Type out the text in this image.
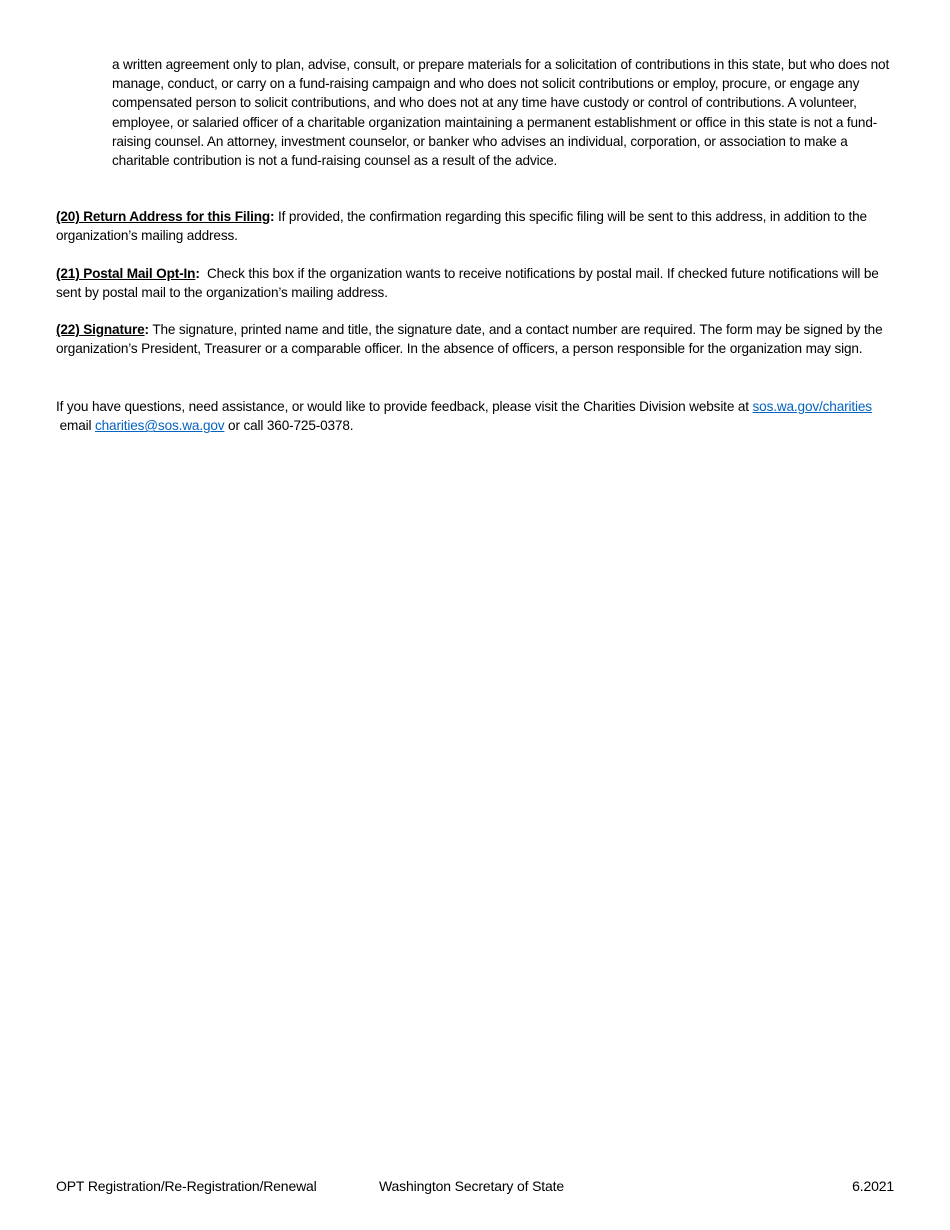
a written agreement only to plan, advise, consult, or prepare materials for a solicitation of contributions in this state, but who does not manage, conduct, or carry on a fund-raising campaign and who does not solicit contributions or employ, procure, or engage any compensated person to solicit contributions, and who does not at any time have custody or control of contributions. A volunteer, employee, or salaried officer of a charitable organization maintaining a permanent establishment or office in this state is not a fund-raising counsel. An attorney, investment counselor, or banker who advises an individual, corporation, or association to make a charitable contribution is not a fund-raising counsel as a result of the advice.

(20) Return Address for this Filing: If provided, the confirmation regarding this specific filing will be sent to this address, in addition to the organization’s mailing address.

(21) Postal Mail Opt-In:  Check this box if the organization wants to receive notifications by postal mail. If checked future notifications will be sent by postal mail to the organization’s mailing address.

(22) Signature: The signature, printed name and title, the signature date, and a contact number are required. The form may be signed by the organization’s President, Treasurer or a comparable officer. In the absence of officers, a person responsible for the organization may sign.

If you have questions, need assistance, or would like to provide feedback, please visit the Charities Division website at sos.wa.gov/charities email charities@sos.wa.gov or call 360-725-0378.

OPT Registration/Re-Registration/Renewal	Washington Secretary of State	6.2021
